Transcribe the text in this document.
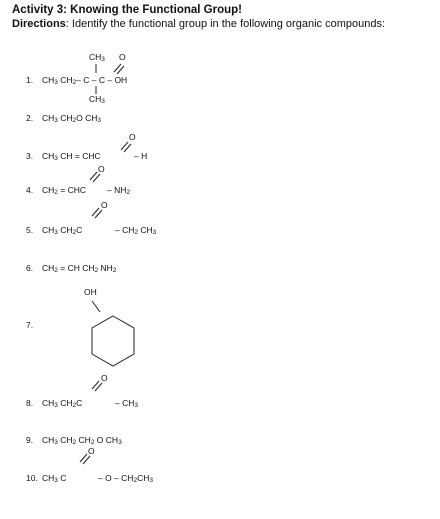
Activity 3: Knowing the Functional Group!
Directions: Identify the functional group in the following organic compounds:
1.
CH3 O
CH3 CH2– C – C – OH
CH3
2. CH3 CH2O CH3
3.
O
CH3 CH = CHC	– H
4.
O
CH2 = CHC – NH2
5.
O
CH3 CH2C	– CH2 CH3
6. CH2 = CH CH2 NH2
7.
OH
8.
O
CH3 CH2C	– CH3
9. CH3 CH2 CH2 O CH3
10.
O
CH3 C	– O – CH2CH3
